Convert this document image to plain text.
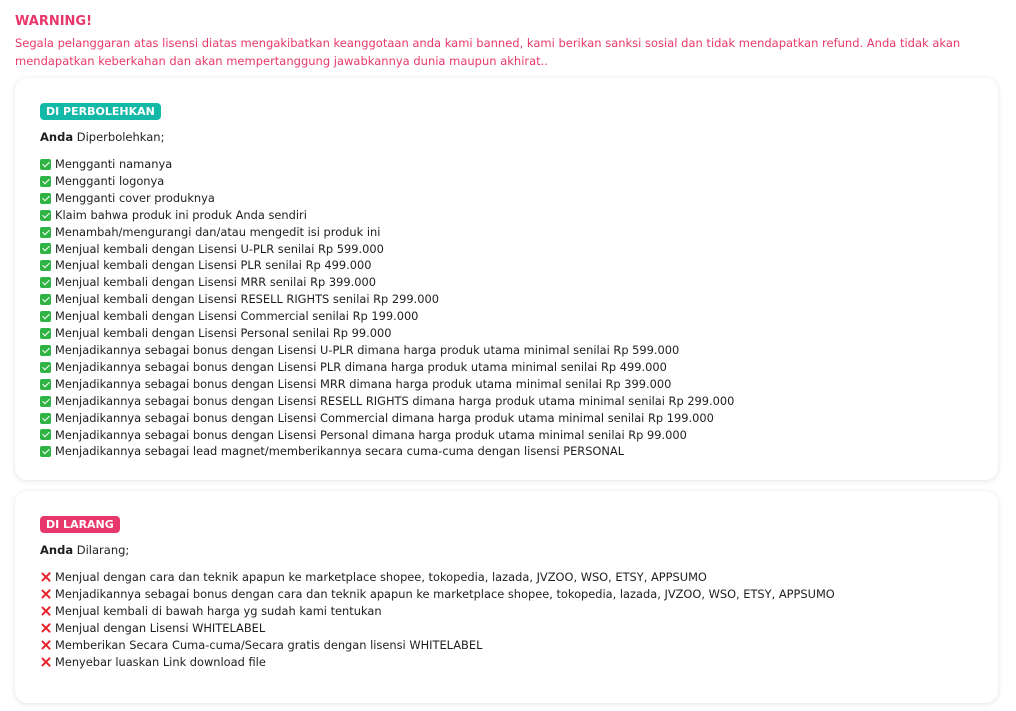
WARNING!
Segala pelanggaran atas lisensi diatas mengakibatkan keanggotaan anda kami banned, kami berikan sanksi sosial dan tidak mendapatkan refund. Anda tidak akan mendapatkan keberkahan dan akan mempertanggung jawabkannya dunia maupun akhirat..
DI PERBOLEHKAN
Anda Diperbolehkan;
Mengganti namanya
Mengganti logonya
Mengganti cover produknya
Klaim bahwa produk ini produk Anda sendiri
Menambah/mengurangi dan/atau mengedit isi produk ini
Menjual kembali dengan Lisensi U-PLR senilai Rp 599.000
Menjual kembali dengan Lisensi PLR senilai Rp 499.000
Menjual kembali dengan Lisensi MRR senilai Rp 399.000
Menjual kembali dengan Lisensi RESELL RIGHTS senilai Rp 299.000
Menjual kembali dengan Lisensi Commercial senilai Rp 199.000
Menjual kembali dengan Lisensi Personal senilai Rp 99.000
Menjadikannya sebagai bonus dengan Lisensi U-PLR dimana harga produk utama minimal senilai Rp 599.000
Menjadikannya sebagai bonus dengan Lisensi PLR dimana harga produk utama minimal senilai Rp 499.000
Menjadikannya sebagai bonus dengan Lisensi MRR dimana harga produk utama minimal senilai Rp 399.000
Menjadikannya sebagai bonus dengan Lisensi RESELL RIGHTS dimana harga produk utama minimal senilai Rp 299.000
Menjadikannya sebagai bonus dengan Lisensi Commercial dimana harga produk utama minimal senilai Rp 199.000
Menjadikannya sebagai bonus dengan Lisensi Personal dimana harga produk utama minimal senilai Rp 99.000
Menjadikannya sebagai lead magnet/memberikannya secara cuma-cuma dengan lisensi PERSONAL
DI LARANG
Anda Dilarang;
Menjual dengan cara dan teknik apapun ke marketplace shopee, tokopedia, lazada, JVZOO, WSO, ETSY, APPSUMO
Menjadikannya sebagai bonus dengan cara dan teknik apapun ke marketplace shopee, tokopedia, lazada, JVZOO, WSO, ETSY, APPSUMO
Menjual kembali di bawah harga yg sudah kami tentukan
Menjual dengan Lisensi WHITELABEL
Memberikan Secara Cuma-cuma/Secara gratis dengan lisensi WHITELABEL
Menyebar luaskan Link download file
